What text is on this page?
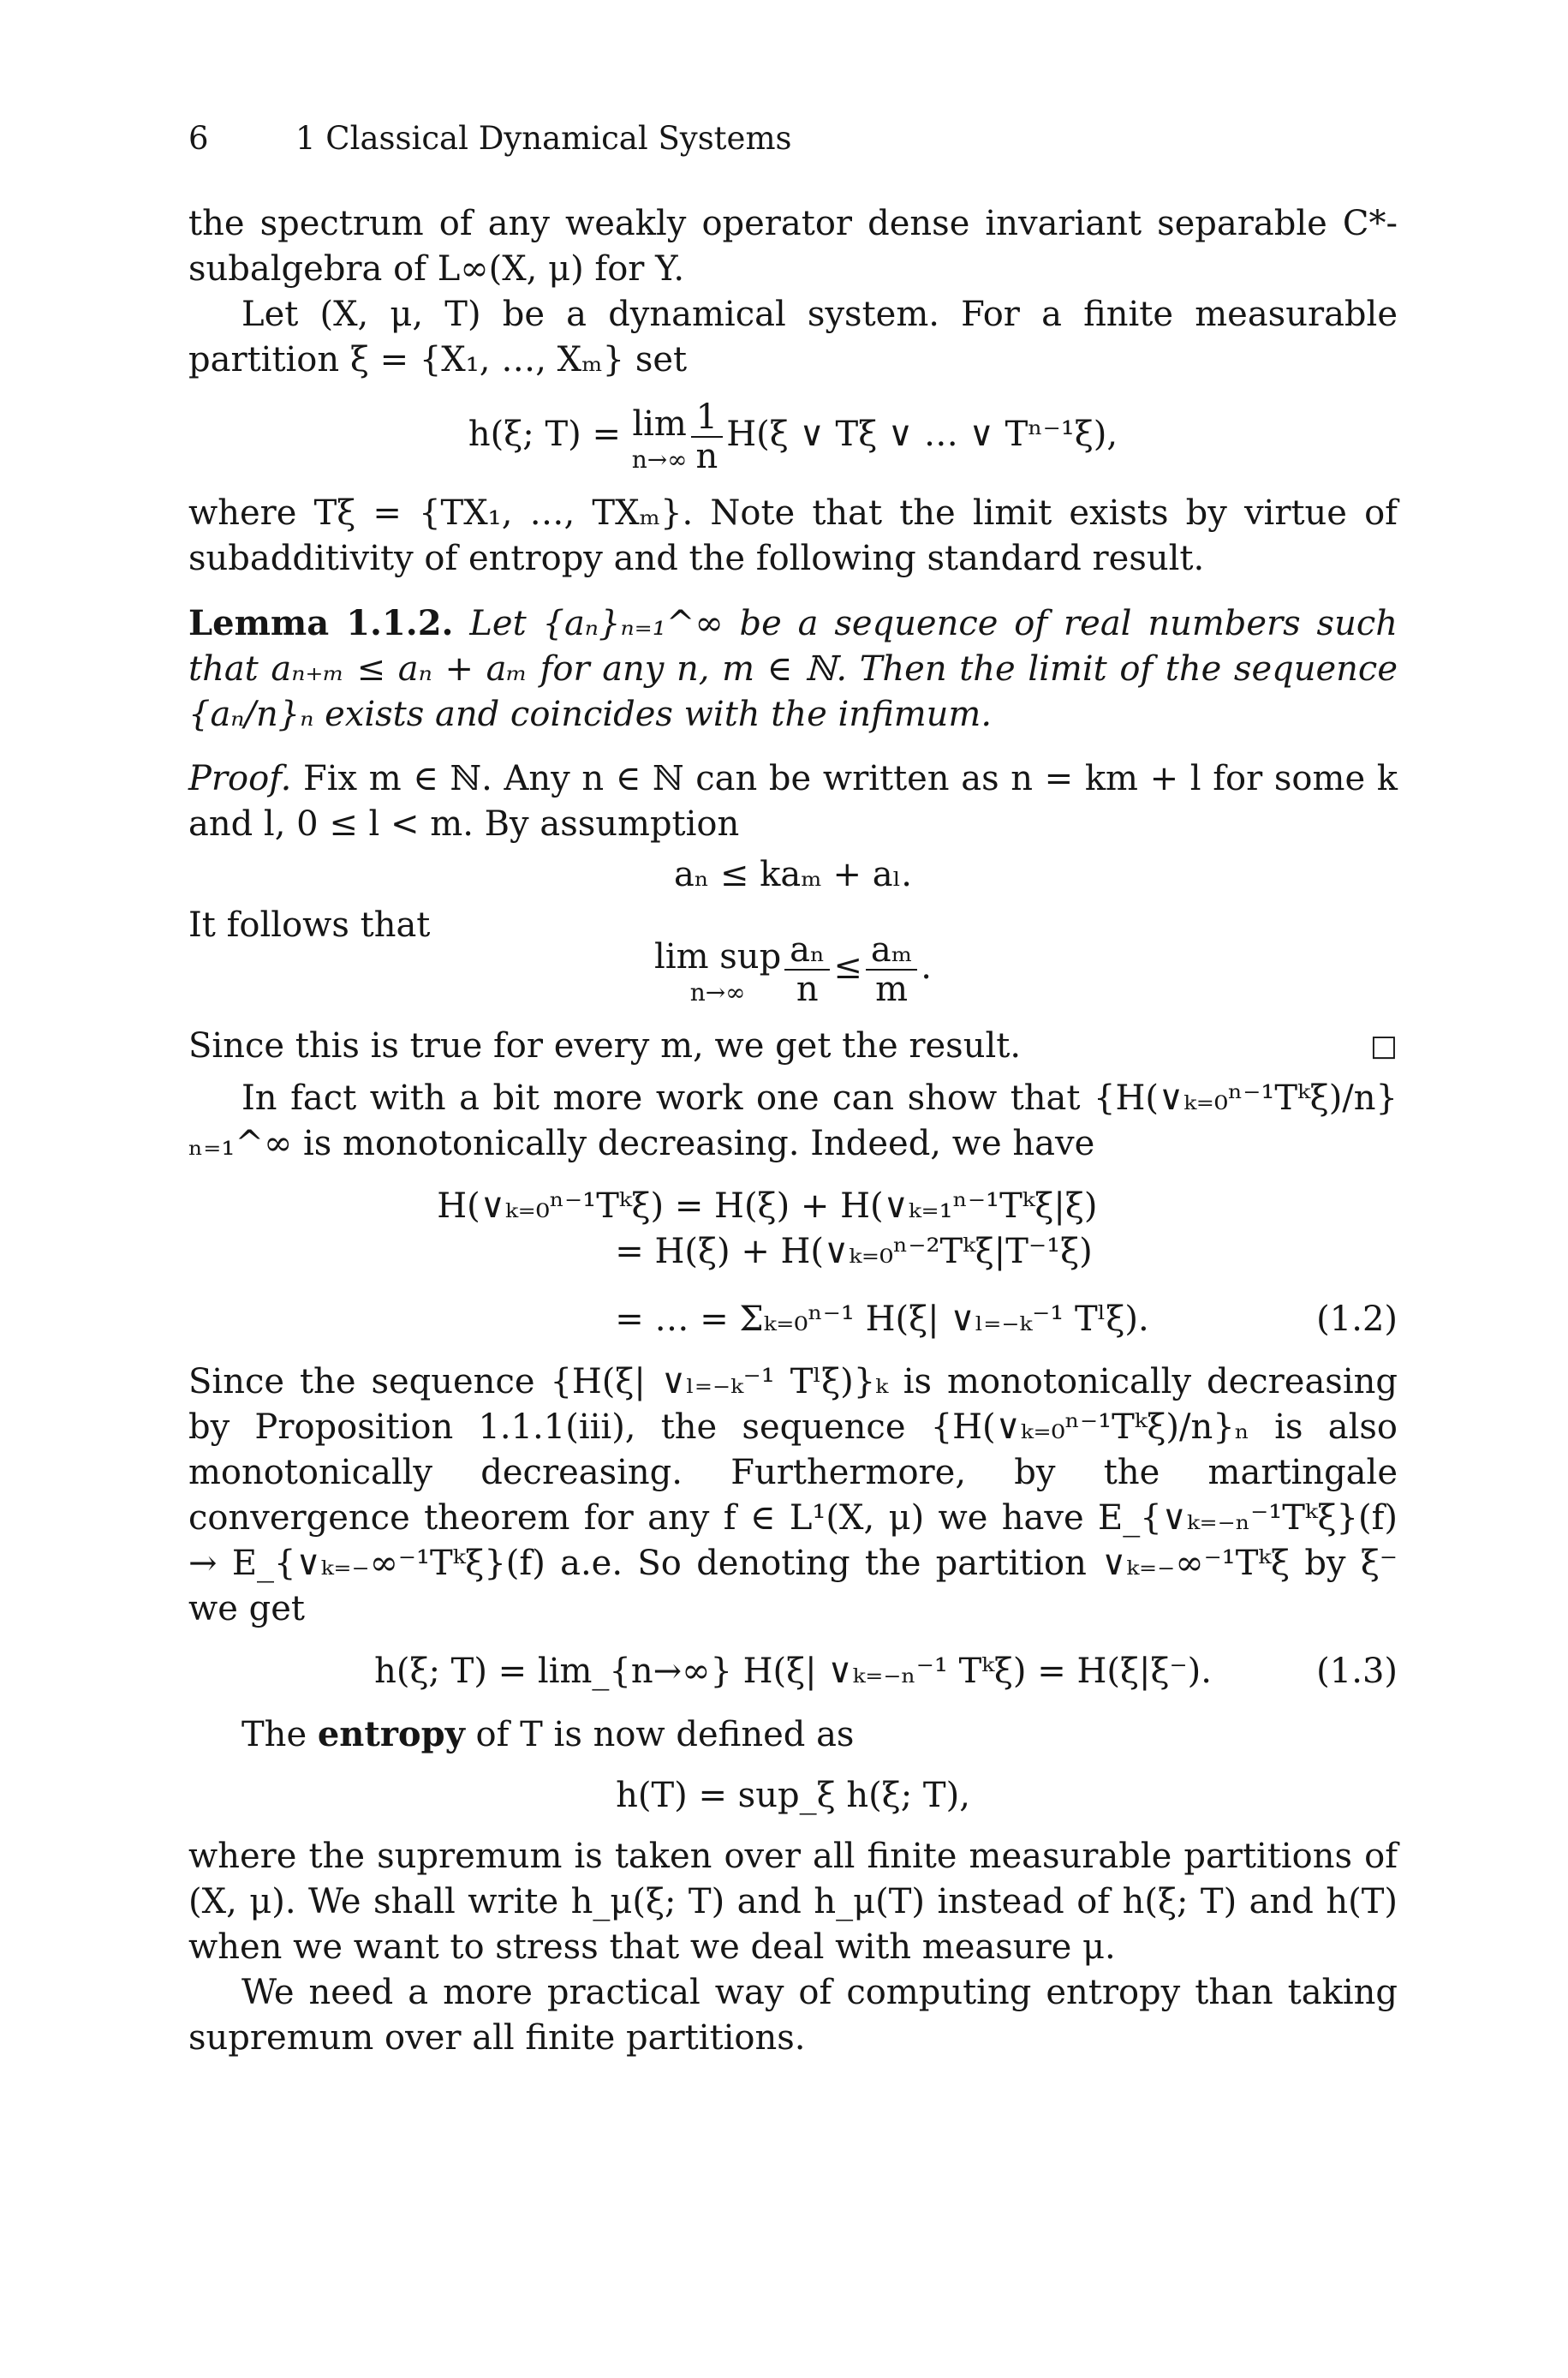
6	1 Classical Dynamical Systems

the spectrum of any weakly operator dense invariant separable C*-subalgebra of L∞(X, μ) for Y.

Let (X, μ, T) be a dynamical system. For a finite measurable partition ξ = {X₁, …, Xₘ} set

h(ξ; T) = lim
$n\to\infty \frac{1}{n} H(\xi$ ∨ Tξ ∨ … ∨ Tⁿ⁻¹ξ),

where Tξ = {TX₁, …, TXₘ}. Note that the limit exists by virtue of subadditivity of entropy and the following standard result.

Lemma 1.1.2. Let {aₙ}ₙ₌₁^∞ be a sequence of real numbers such that aₙ₊ₘ ≤ aₙ + aₘ for any n, m ∈ ℕ. Then the limit of the sequence {aₙ/n}ₙ exists and coincides with the infimum.

Proof. Fix m ∈ ℕ. Any n ∈ ℕ can be written as n = km + l for some k and l, 0 ≤ l < m. By assumption

aₙ ≤ kaₘ + aₗ.

It follows that

lim sup
n→∞	$\frac{\text{aₙ}}{n} \le \frac{\text{aₘ}}{m}$ .

Since this is true for every m, we get the result.	□

In fact with a bit more work one can show that {H(∨ₖ₌₀ⁿ⁻¹Tᵏξ)/n}ₙ₌₁^∞ is monotonically decreasing. Indeed, we have

H(∨ₖ₌₀ⁿ⁻¹Tᵏξ) = H(ξ) + H(∨ₖ₌₁ⁿ⁻¹Tᵏξ|ξ)
= H(ξ) + H(∨ₖ₌₀ⁿ⁻²Tᵏξ|T⁻¹ξ)
= … = Σₖ₌₀ⁿ⁻¹ H(ξ| ∨ₗ₌₋ₖ⁻¹ Tˡξ).	(1.2)

Since the sequence {H(ξ| ∨ₗ₌₋ₖ⁻¹ Tˡξ)}ₖ is monotonically decreasing by Proposition 1.1.1(iii), the sequence {H(∨ₖ₌₀ⁿ⁻¹Tᵏξ)/n}ₙ is also monotonically decreasing. Furthermore, by the martingale convergence theorem for any f ∈ L¹(X, μ) we have E_{∨ₖ₌₋ₙ⁻¹Tᵏξ}(f) → E_{∨ₖ₌₋∞⁻¹Tᵏξ}(f) a.e. So denoting the partition ∨ₖ₌₋∞⁻¹Tᵏξ by ξ⁻ we get

h(ξ; T) = lim_{n→∞} H(ξ| ∨ₖ₌₋ₙ⁻¹ Tᵏξ) = H(ξ|ξ⁻).	(1.3)

The entropy of T is now defined as

h(T) = sup_ξ h(ξ; T),

where the supremum is taken over all finite measurable partitions of (X, μ). We shall write h_μ(ξ; T) and h_μ(T) instead of h(ξ; T) and h(T) when we want to stress that we deal with measure μ.

We need a more practical way of computing entropy than taking supremum over all finite partitions.
